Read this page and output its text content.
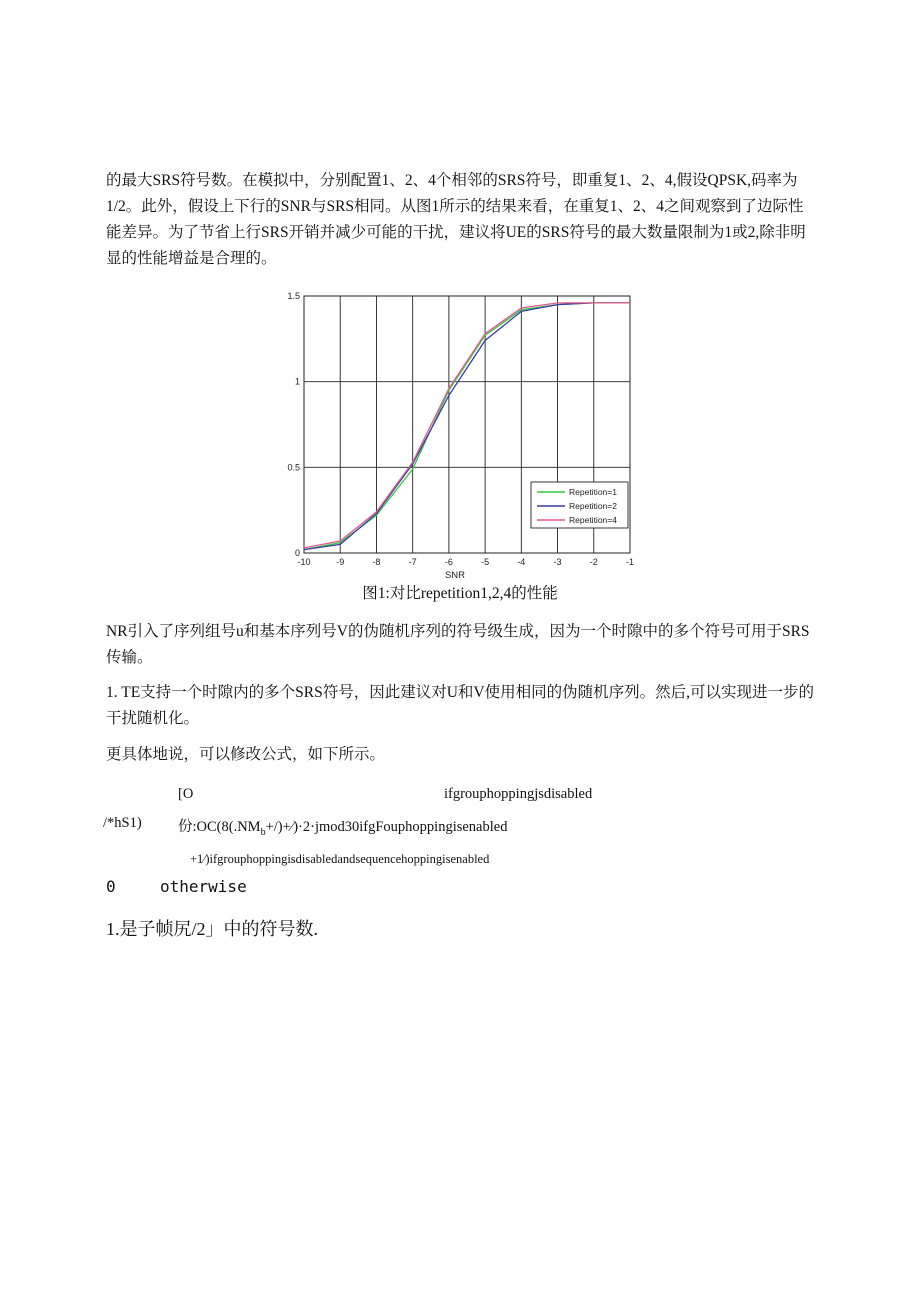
的最大SRS符号数。在模拟中，分别配置1、2、4个相邻的SRS符号，即重复1、2、4,假设QPSK,码率为1/2。此外，假设上下行的SNR与SRS相同。从图1所示的结果来看，在重复1、2、4之间观察到了边际性能差异。为了节省上行SRS开销并减少可能的干扰，建议将UE的SRS符号的最大数量限制为1或2,除非明显的性能增益是合理的。

-10	-9	-8	-7	-6	-5	-4	-3	-2	-1
0
0.5
1
1.5
SNR
Repetition=1
Repetition=2
Repetition=4
图1:对比repetition1,2,4的性能

NR引入了序列组号u和基本序列号V的伪随机序列的符号级生成，因为一个时隙中的多个符号可用于SRS传输。

1. TE支持一个时隙内的多个SRS符号，因此建议对U和V使用相同的伪随机序列。然后,可以实现进一步的干扰随机化。

更具体地说，可以修改公式，如下所示。

[O	ifgrouphoppingjsdisabled
/*hS1)	份$:OC(8(.NM_b+/)+⁄)\cdot 2\cdot jmod30ifgFouphoppingisenabled$
+1⁄)ifgrouphoppingisdisabledandsequencehoppingisenabled
0	otherwise
1.是子帧尻/2」中的符号数.
